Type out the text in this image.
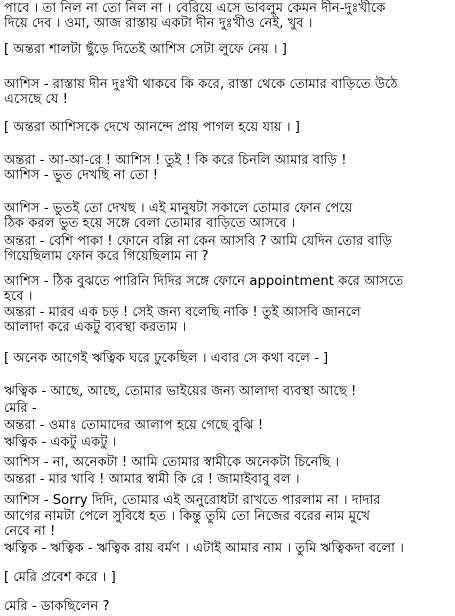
পাবে । তা নিল না তো নিল না । বেরিয়ে এসে ভাবলুম কেমন দীন-দুঃখীকে
দিয়ে দেব । ওমা, আজ রাস্তায় একটা দীন দুঃখীও নেই, খুব ।
[ অন্তরা শালটা ছুঁড়ে দিতেই আশিস সেটা লুফে নেয় । ]
আশিস - রাস্তায় দীন দুঃখী থাকবে কি করে, রাস্তা থেকে তোমার বাড়িতে উঠে
এসেছে যে !
[ অন্তরা আশিসকে দেখে আনন্দে প্রায় পাগল হয়ে যায় । ]
অন্তরা - আ-আ-রে ! আশিস ! তুই ! কি করে চিনলি আমার বাড়ি !
আশিস - ভুত দেখছি না তো !
আশিস - ভুতই তো দেখছ । এই মানুষটা সকালে তোমার ফোন পেয়ে
ঠিক করল ভুত হয়ে সঙ্গে বেলা তোমার বাড়িতে আসবে ।
অন্তরা - বেশি পাকা ! ফোনে বল্লি না কেন আসবি ? আমি যেদিন তোর বাড়ি
গিয়েছিলাম ফোন করে গিয়েছিলাম না ?
আশিস - ঠিক বুঝতে পারিনি দিদির সঙ্গে ফোনে appointment করে আসতে
হবে ।
অন্তরা - মারব এক চড় ! সেই জন্য বলেছি নাকি ! তুই আসবি জানলে
আলাদা করে একটু ব্যবস্থা করতাম ।
[ অনেক আগেই ঋত্বিক ঘরে ঢুকেছিল । এবার সে কথা বলে - ]
ঋত্বিক - আছে, আছে, তোমার ভাইয়ের জন্য আলাদা ব্যবস্থা আছে !
মেরি -
অন্তরা - ওমাঃ তোমাদের আলাপ হয়ে গেছে বুঝি !
ঋত্বিক - একটু একটু ।
আশিস - না, অনেকটা ! আমি তোমার স্বামীকে অনেকটা চিনেছি ।
অন্তরা - মার খাবি ! আমার স্বামী কি রে ! জামাইবাবু বল ।
আশিস - Sorry দিদি, তোমার এই অনুরোধটা রাখতে পারলাম না । দাদার
আগের নামটা পেলে সুবিধে হত । কিন্তু তুমি তো নিজের বরের নাম মুখে
নেবে না !
ঋত্বিক - ঋত্বিক - ঋত্বিক রায় বর্মণ । এটাই আমার নাম । তুমি ঋত্বিকদা বলো ।
[ মেরি প্রবেশ করে । ]
মেরি - ডাকছিলেন ?
